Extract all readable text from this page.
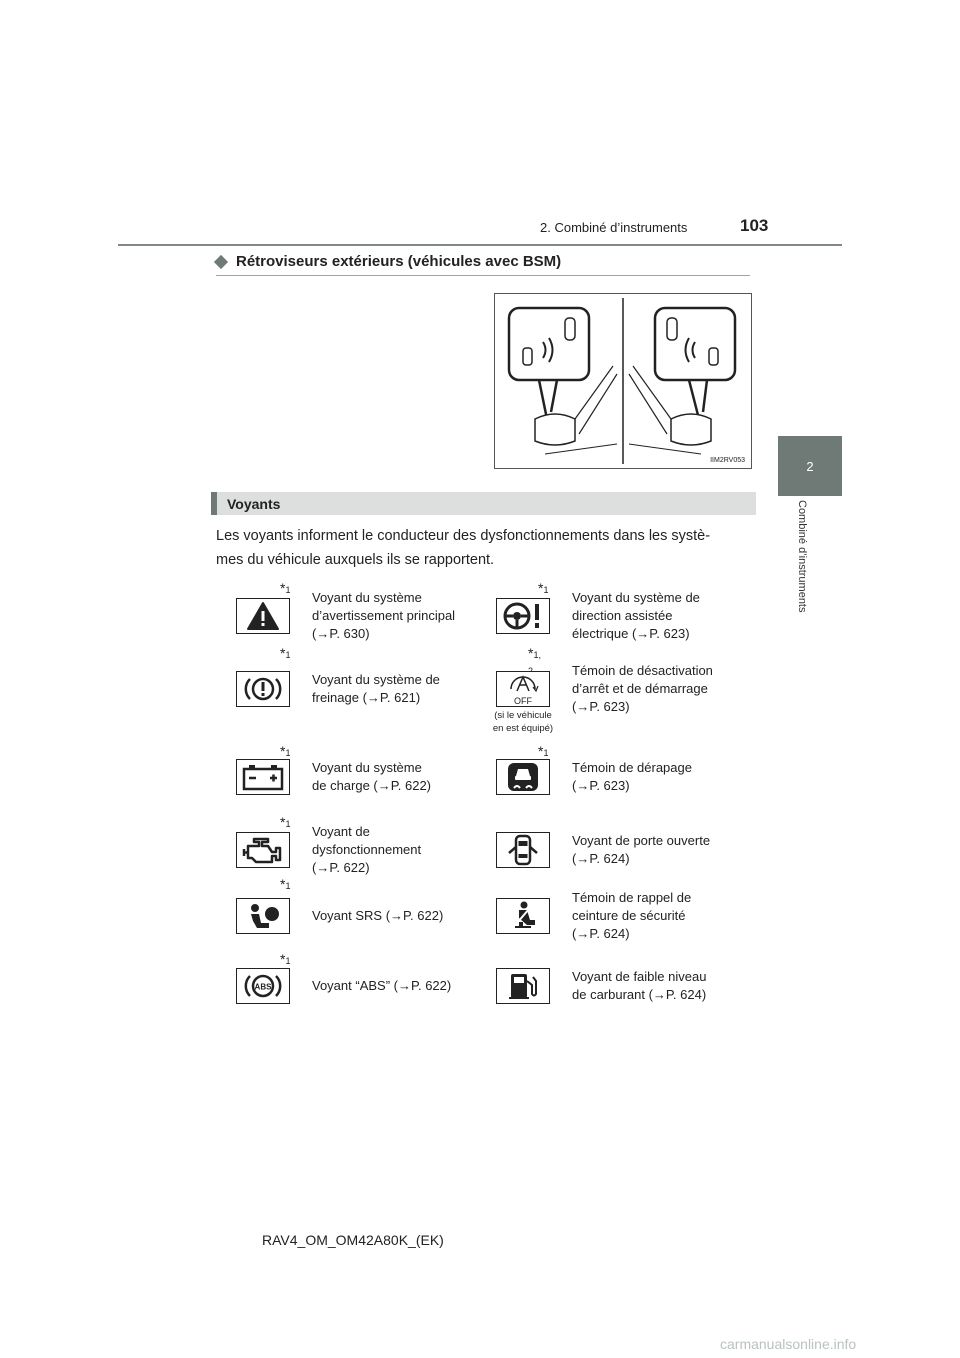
2. Combiné d’instruments	103
2
Combiné d’instruments
Rétroviseurs extérieurs (véhicules avec BSM)
IIM2RV053
Voyants
Les voyants informent le conducteur des dysfonctionnements dans les systè-
mes du véhicule auxquels ils se rapportent.
*1 Voyant du système
d’avertissement principal
(→P. 630)
*1 Voyant du système de
direction assistée
électrique (→P. 623)
*1
Voyant du système de
freinage (→P. 621)
*1,
OFF
(si le véhicule
en est équipé)
Témoin de désactivation
d’arrêt et de démarrage
(→P. 623)
*1
Voyant du système
de charge (→P. 622)
*1
Témoin de dérapage
(→P. 623)
*1 Voyant de
dysfonctionnement
(→P. 622)
Voyant de porte ouverte
(→P. 624)
*1
Voyant SRS (→P. 622)
Témoin de rappel de
ceinture de sécurité
(→P. 624)
*1
ABS	Voyant “ABS” (→P. 622)
Voyant de faible niveau
de carburant (→P. 624)
RAV4_OM_OM42A80K_(EK)
carmanualsonline.info
